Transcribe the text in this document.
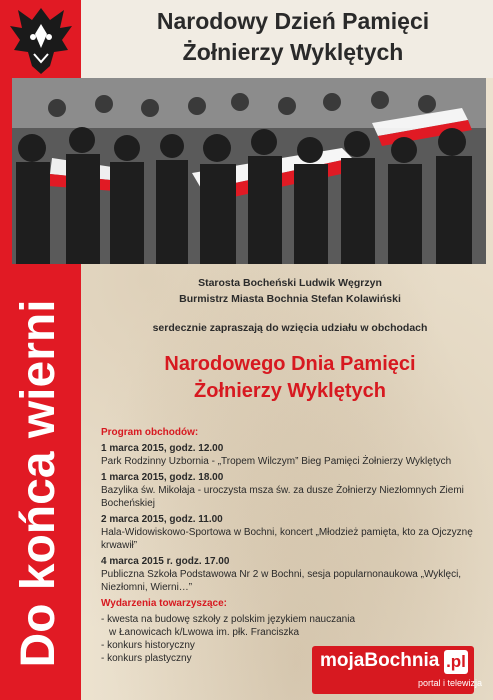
Narodowy Dzień Pamięci
Żołnierzy Wyklętych
Do końca wierni
Starosta Bocheński Ludwik Węgrzyn
Burmistrz Miasta Bochnia Stefan Kolawiński
serdecznie zapraszają do wzięcia udziału w obchodach
Narodowego Dnia Pamięci
Żołnierzy Wyklętych
Program obchodów:
1 marca 2015, godz. 12.00
Park Rodzinny Uzbornia - „Tropem Wilczym” Bieg Pamięci Żołnierzy Wyklętych
1 marca 2015, godz. 18.00
Bazylika św. Mikołaja - uroczysta msza św. za dusze Żołnierzy Niezłomnych Ziemi Bocheńskiej
2 marca 2015, godz. 11.00
Hala-Widowiskowo-Sportowa w Bochni, koncert „Młodzież pamięta, kto za Ojczyznę krwawił”
4 marca 2015 r. godz. 17.00
Publiczna Szkoła Podstawowa Nr 2 w Bochni, sesja popularnonaukowa „Wyklęci, Niezłomni, Wierni…”
Wydarzenia towarzyszące:
- kwesta na budowę szkoły z polskim językiem nauczania
w Łanowicach k/Lwowa im. płk. Franciszka
- konkurs historyczny
- konkurs plastyczny	mojaBochnia .pl
portal i telewizja
